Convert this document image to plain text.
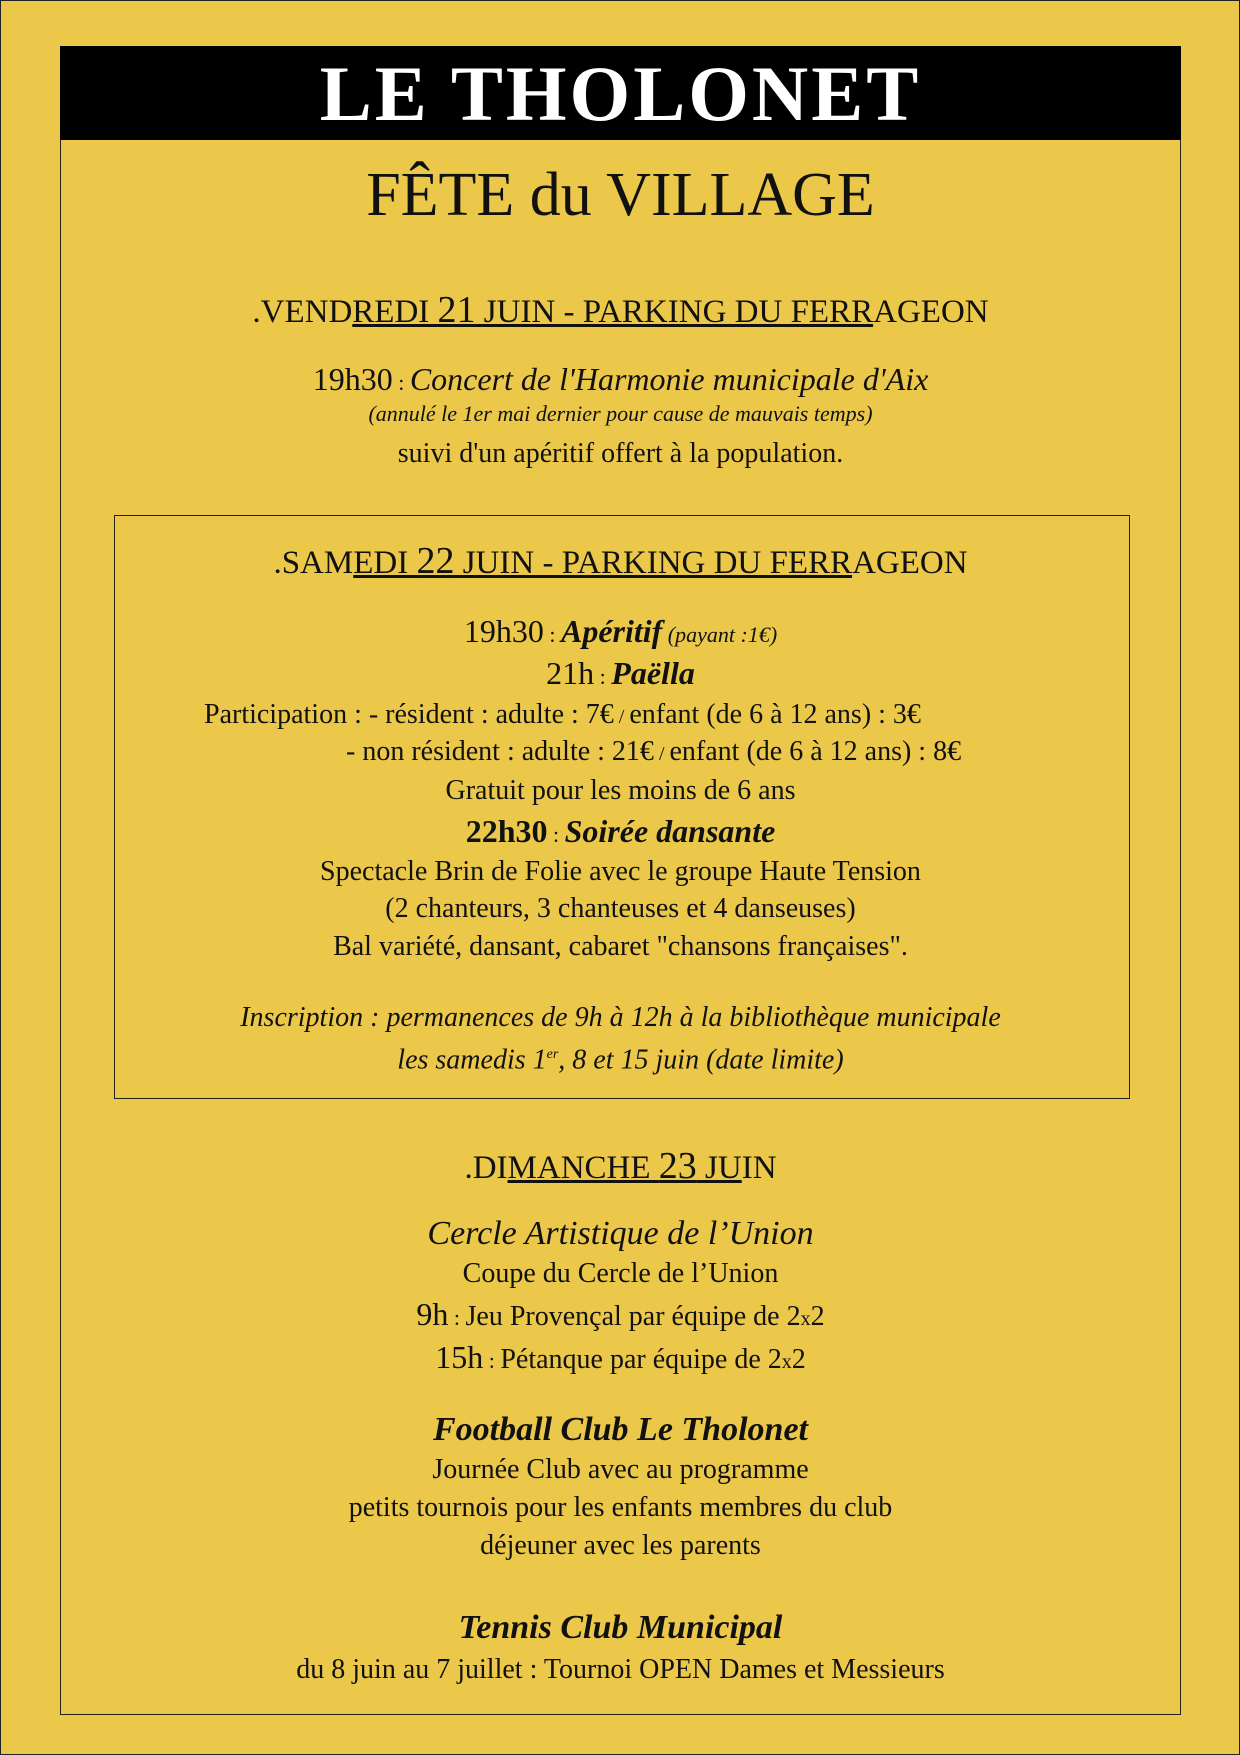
LE THOLONET
FÊTE du VILLAGE
.VENDREDI 21 JUIN - PARKING DU FERRAGEON
19h30 : Concert de l'Harmonie municipale d'Aix
(annulé le 1er mai dernier pour cause de mauvais temps)
suivi d'un apéritif offert à la population.
.SAMEDI 22 JUIN - PARKING DU FERRAGEON
19h30 : Apéritif (payant :1€)
21h : Paëlla
Participation : - résident : adulte : 7€ / enfant (de 6 à 12 ans) : 3€
- non résident : adulte : 21€ / enfant (de 6 à 12 ans) : 8€
Gratuit pour les moins de 6 ans
22h30 : Soirée dansante
Spectacle Brin de Folie avec le groupe Haute Tension
(2 chanteurs, 3 chanteuses et 4 danseuses)
Bal variété, dansant, cabaret "chansons françaises".
Inscription : permanences de 9h à 12h à la bibliothèque municipale
les samedis 1er, 8 et 15 juin (date limite)
.DIMANCHE 23 JUIN
Cercle Artistique de l’Union
Coupe du Cercle de l’Union
9h : Jeu Provençal par équipe de 2x2
15h : Pétanque par équipe de 2x2
Football Club Le Tholonet
Journée Club avec au programme
petits tournois pour les enfants membres du club
déjeuner avec les parents
Tennis Club Municipal
du 8 juin au 7 juillet : Tournoi OPEN Dames et Messieurs
